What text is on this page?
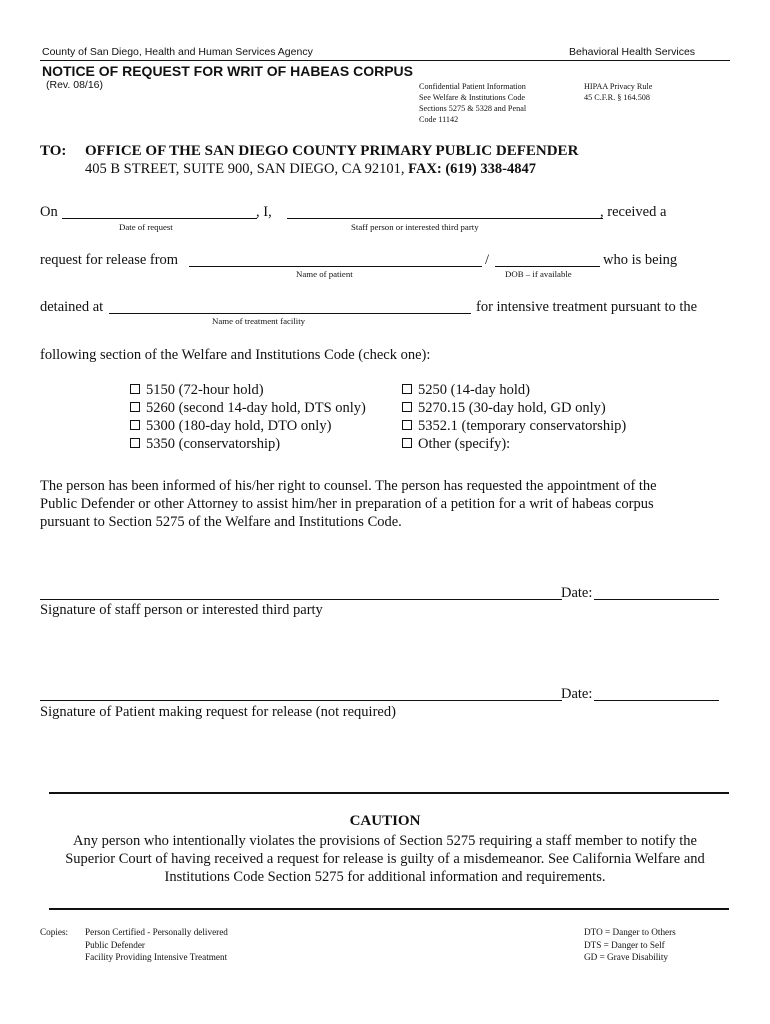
County of San Diego, Health and Human Services Agency	Behavioral Health Services
NOTICE OF REQUEST FOR WRIT OF HABEAS CORPUS
(Rev. 08/16)	Confidential Patient Information
See Welfare & Institutions Code
Sections 5275 & 5328 and Penal
Code 11142
HIPAA Privacy Rule
45 C.F.R. § 164.508
TO: OFFICE OF THE SAN DIEGO COUNTY PRIMARY PUBLIC DEFENDER
405 B STREET, SUITE 900, SAN DIEGO, CA 92101, FAX: (619) 338-4847
On	, I,	, received a
Date of request	Staff person or interested third party
request for release from	/	who is being
Name of patient	DOB – if available
detained at	for intensive treatment pursuant to the
Name of treatment facility
following section of the Welfare and Institutions Code (check one):
5150 (72-hour hold)
5260 (second 14-day hold, DTS only)
5300 (180-day hold, DTO only)
5350 (conservatorship)
5250 (14-day hold)
5270.15 (30-day hold, GD only)
5352.1 (temporary conservatorship)
Other (specify):
The person has been informed of his/her right to counsel. The person has requested the appointment of the
Public Defender or other Attorney to assist him/her in preparation of a petition for a writ of habeas corpus
pursuant to Section 5275 of the Welfare and Institutions Code.
Date:
Signature of staff person or interested third party
Date:
Signature of Patient making request for release (not required)
CAUTION
Any person who intentionally violates the provisions of Section 5275 requiring a staff member to notify the
Superior Court of having received a request for release is guilty of a misdemeanor. See California Welfare and
Institutions Code Section 5275 for additional information and requirements.
Copies: Person Certified - Personally delivered
Public Defender
Facility Providing Intensive Treatment
DTO = Danger to Others
DTS = Danger to Self
GD = Grave Disability
